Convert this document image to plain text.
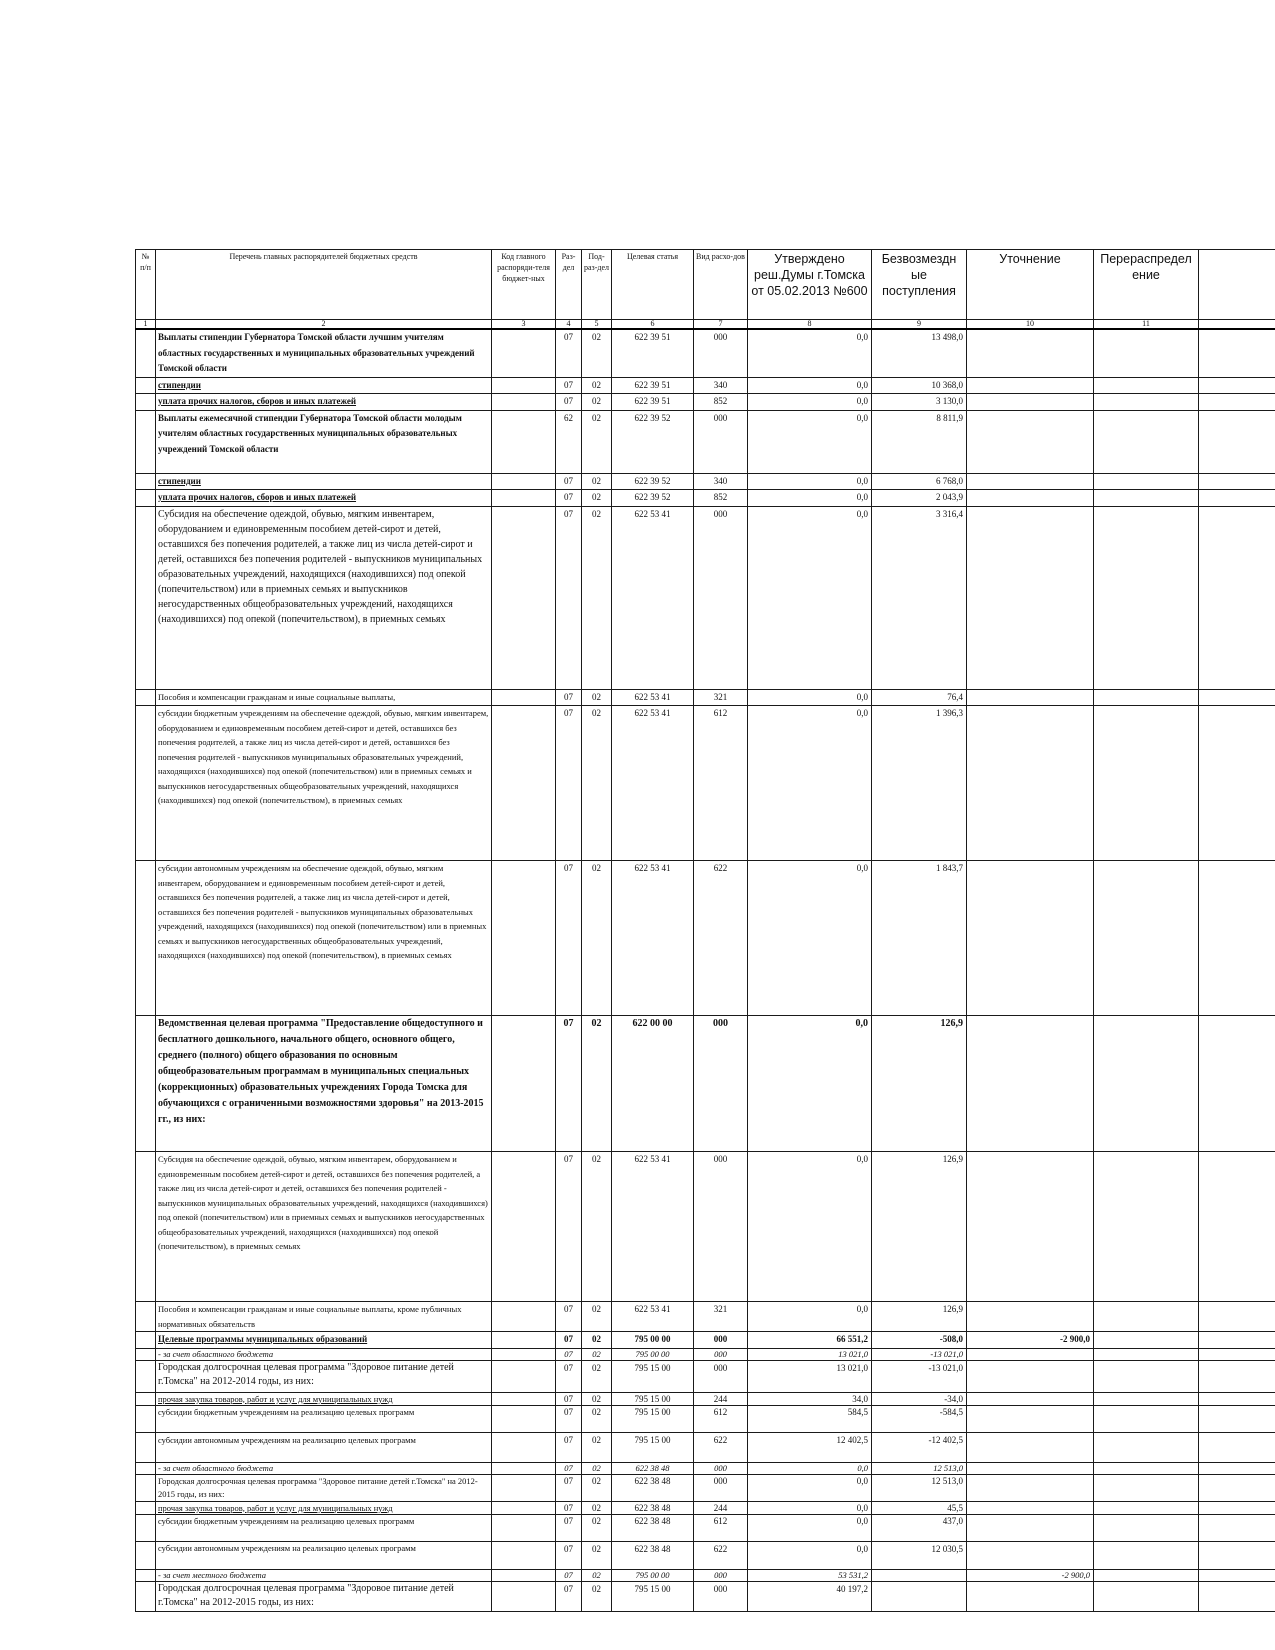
№ п/п	Перечень главных распорядителей бюджетных средств	Код главного распоряди-теля бюджет-ных	Раз-дел	Под-раз-дел	Целевая статья	Вид расхо-дов	Утверждено реш.Думы г.Томска от 05.02.2013 №600	Безвозмездн ые поступления	Уточнение	Перераспредел ение	
1	2	3	4	5	6	7	8	9	10	11	
	Выплаты стипендии Губернатора Томской области лучшим учителям областных государственных и муниципальных образовательных учреждений Томской области		07	02	622 39 51	000	0,0	13 498,0			
	стипендии		07	02	622 39 51	340	0,0	10 368,0			
	уплата прочих налогов, сборов и иных платежей		07	02	622 39 51	852	0,0	3 130,0			
	Выплаты ежемесячной стипендии Губернатора Томской области молодым учителям областных государственных муниципальных образовательных учреждений Томской области		62	02	622 39 52	000	0,0	8 811,9			
	стипендии		07	02	622 39 52	340	0,0	6 768,0			
	уплата прочих налогов, сборов и иных платежей		07	02	622 39 52	852	0,0	2 043,9			
	Субсидия на обеспечение одеждой, обувью, мягким инвентарем, оборудованием и единовременным пособием детей-сирот и детей, оставшихся без попечения родителей, а также лиц из числа детей-сирот и детей, оставшихся без попечения родителей - выпускников муниципальных образовательных учреждений, находящихся (находившихся) под опекой (попечительством) или в приемных семьях и выпускников негосударственных общеобразовательных учреждений, находящихся (находившихся) под опекой (попечительством), в приемных семьях		07	02	622 53 41	000	0,0	3 316,4			
	Пособия и компенсации гражданам и иные социальные выплаты,		07	02	622 53 41	321	0,0	76,4			
	субсидии бюджетным учреждениям на обеспечение одеждой, обувью, мягким инвентарем, оборудованием и единовременным пособием детей-сирот и детей, оставшихся без попечения родителей, а также лиц из числа детей-сирот и детей, оставшихся без попечения родителей - выпускников муниципальных образовательных учреждений, находящихся (находившихся) под опекой (попечительством) или в приемных семьях и выпускников негосударственных общеобразовательных учреждений, находящихся (находившихся) под опекой (попечительством), в приемных семьях		07	02	622 53 41	612	0,0	1 396,3			
	субсидии автономным учреждениям на обеспечение одеждой, обувью, мягким инвентарем, оборудованием и единовременным пособием детей-сирот и детей, оставшихся без попечения родителей, а также лиц из числа детей-сирот и детей, оставшихся без попечения родителей - выпускников муниципальных образовательных учреждений, находящихся (находившихся) под опекой (попечительством) или в приемных семьях и выпускников негосударственных общеобразовательных учреждений, находящихся (находившихся) под опекой (попечительством), в приемных семьях		07	02	622 53 41	622	0,0	1 843,7			
	Ведомственная целевая программа "Предоставление общедоступного и бесплатного дошкольного, начального общего, основного общего, среднего (полного) общего образования по основным общеобразовательным программам в муниципальных специальных (коррекционных) образовательных учреждениях Города Томска для обучающихся с ограниченными возможностями здоровья" на 2013-2015 гг., из них:		07	02	622 00 00	000	0,0	126,9			
	Субсидия на обеспечение одеждой, обувью, мягким инвентарем, оборудованием и единовременным пособием детей-сирот и детей, оставшихся без попечения родителей, а также лиц из числа детей-сирот и детей, оставшихся без попечения родителей - выпускников муниципальных образовательных учреждений, находящихся (находившихся) под опекой (попечительством) или в приемных семьях и выпускников негосударственных общеобразовательных учреждений, находящихся (находившихся) под опекой (попечительством), в приемных семьях		07	02	622 53 41	000	0,0	126,9			
	Пособия и компенсации гражданам и иные социальные выплаты, кроме публичных нормативных обязательств		07	02	622 53 41	321	0,0	126,9			
	Целевые программы муниципальных образований		07	02	795 00 00	000	66 551,2	-508,0	-2 900,0		
	- за счет областного бюджета		07	02	795 00 00	000	13 021,0	-13 021,0			
	Городская долгосрочная целевая программа "Здоровое питание детей г.Томска" на 2012-2014 годы, из них:		07	02	795 15 00	000	13 021,0	-13 021,0			
	прочая закупка товаров, работ и услуг для муниципальных нужд		07	02	795 15 00	244	34,0	-34,0			
	субсидии бюджетным учреждениям на реализацию целевых программ		07	02	795 15 00	612	584,5	-584,5			
	субсидии автономным учреждениям на реализацию целевых программ		07	02	795 15 00	622	12 402,5	-12 402,5			
	- за счет областного бюджета		07	02	622 38 48	000	0,0	12 513,0			
	Городская долгосрочная целевая программа "Здоровое питание детей г.Томска" на 2012-2015 годы, из них:		07	02	622 38 48	000	0,0	12 513,0			
	прочая закупка товаров, работ и услуг для муниципальных нужд		07	02	622 38 48	244	0,0	45,5			
	субсидии бюджетным учреждениям на реализацию целевых программ		07	02	622 38 48	612	0,0	437,0			
	субсидии автономным учреждениям на реализацию целевых программ		07	02	622 38 48	622	0,0	12 030,5			
	- за счет местного бюджета		07	02	795 00 00	000	53 531,2		-2 900,0		
	Городская долгосрочная целевая программа "Здоровое питание детей г.Томска" на 2012-2015 годы, из них:		07	02	795 15 00	000	40 197,2				
